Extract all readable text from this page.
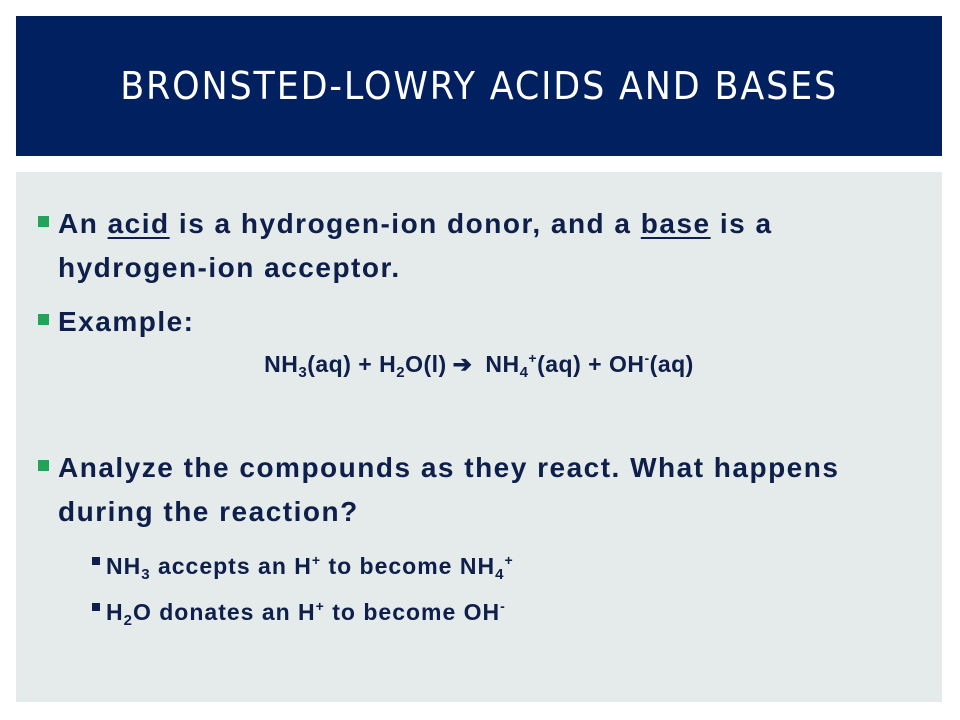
BRONSTED-LOWRY ACIDS AND BASES
An acid is a hydrogen-ion donor, and a base is a hydrogen-ion acceptor.
Example:
$NH_3(aq) + H_2O(l)$ ➔ $NH_4^+(aq) + OH^-(aq)$
Analyze the compounds as they react. What happens during the reaction?
$NH_3$ accepts an H+ to become $NH_4^+$
$H_2O$ donates an H+ to become OH-
